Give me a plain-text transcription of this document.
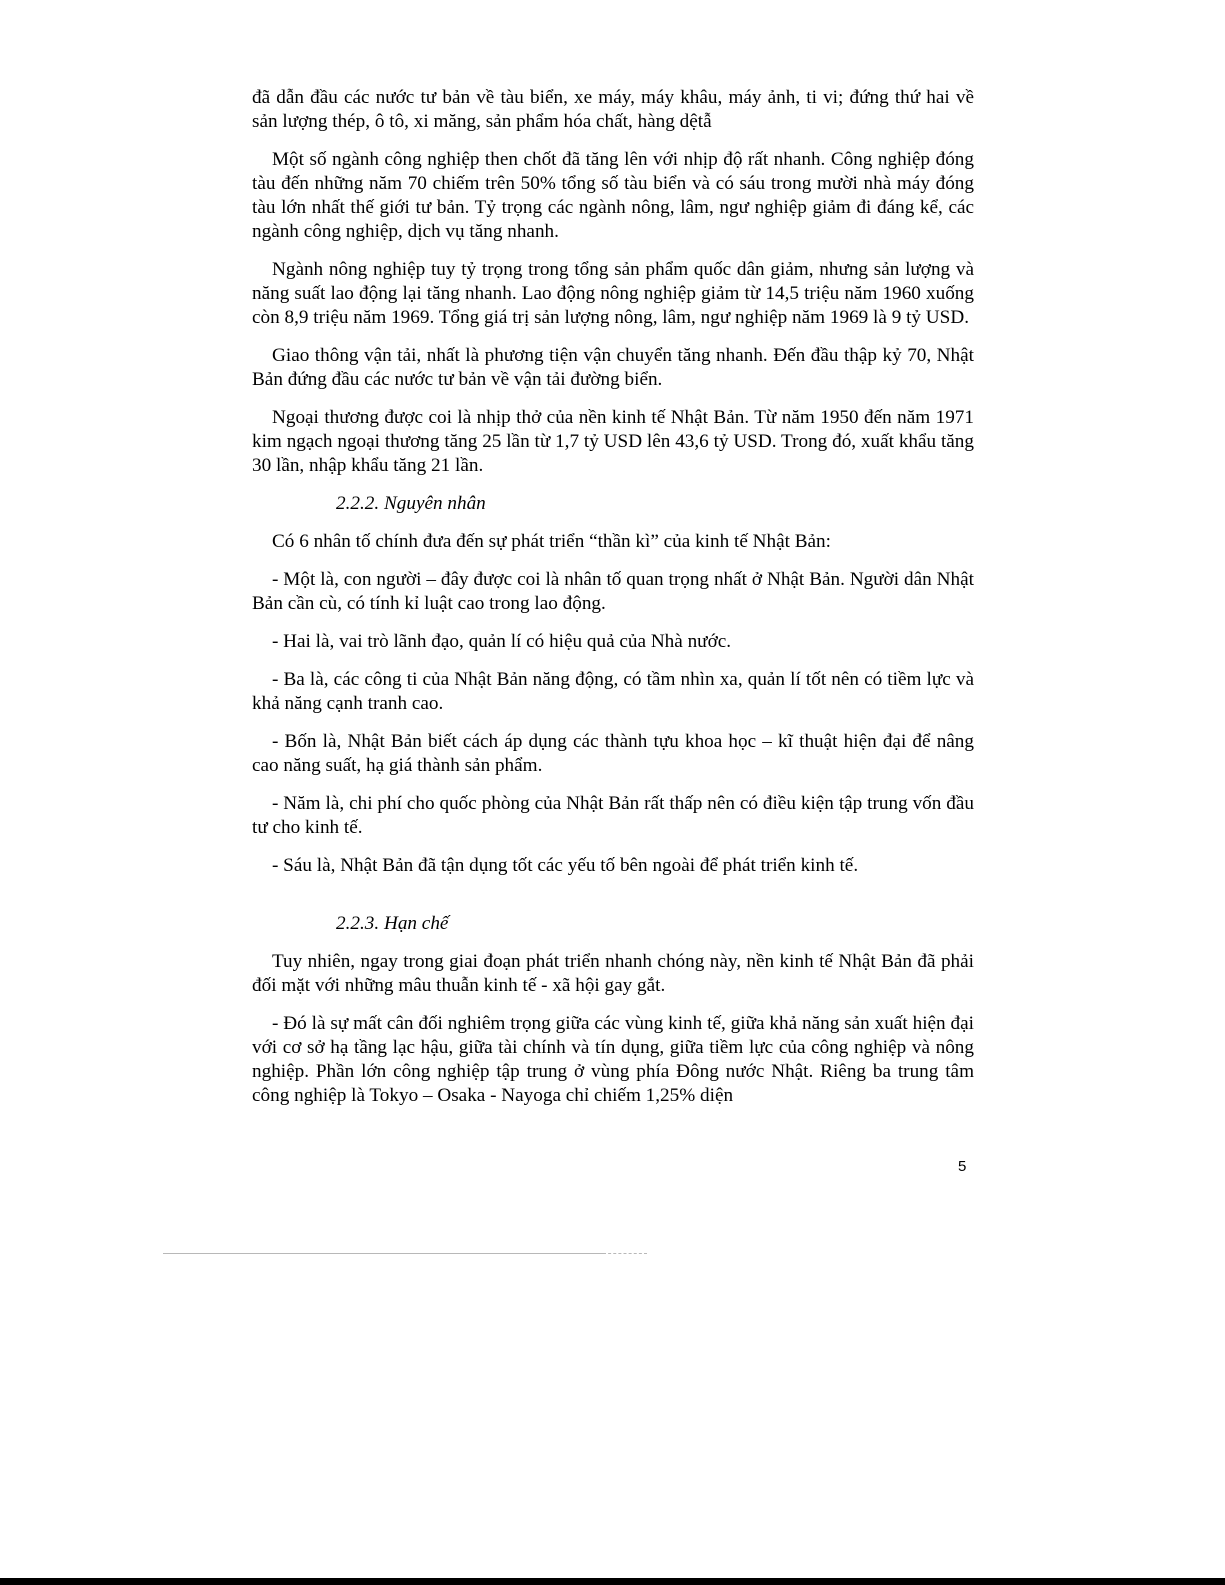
đã dẫn đầu các nước tư bản về tàu biển, xe máy, máy khâu, máy ảnh, ti vi; đứng thứ hai về sản lượng thép, ô tô, xi măng, sản phẩm hóa chất, hàng dệtẫ

Một số ngành công nghiệp then chốt đã tăng lên với nhịp độ rất nhanh. Công nghiệp đóng tàu đến những năm 70 chiếm trên 50% tổng số tàu biển và có sáu trong mười nhà máy đóng tàu lớn nhất thế giới tư bản. Tỷ trọng các ngành nông, lâm, ngư nghiệp giảm đi đáng kể, các ngành công nghiệp, dịch vụ tăng nhanh.

Ngành nông nghiệp tuy tỷ trọng trong tổng sản phẩm quốc dân giảm, nhưng sản lượng và năng suất lao động lại tăng nhanh. Lao động nông nghiệp giảm từ 14,5 triệu năm 1960 xuống còn 8,9 triệu năm 1969. Tổng giá trị sản lượng nông, lâm, ngư nghiệp năm 1969 là 9 tỷ USD.

Giao thông vận tải, nhất là phương tiện vận chuyển tăng nhanh. Đến đầu thập kỷ 70, Nhật Bản đứng đầu các nước tư bản về vận tải đường biển.

Ngoại thương được coi là nhịp thở của nền kinh tế Nhật Bản. Từ năm 1950 đến năm 1971 kim ngạch ngoại thương tăng 25 lần từ 1,7 tỷ USD lên 43,6 tỷ USD. Trong đó, xuất khẩu tăng 30 lần, nhập khẩu tăng 21 lần.

2.2.2. Nguyên nhân

Có 6 nhân tố chính đưa đến sự phát triển “thần kì” của kinh tế Nhật Bản:

- Một là, con người – đây được coi là nhân tố quan trọng nhất ở Nhật Bản. Người dân Nhật Bản cần cù, có tính kỉ luật cao trong lao động.

- Hai là, vai trò lãnh đạo, quản lí có hiệu quả của Nhà nước.

- Ba là, các công ti của Nhật Bản năng động, có tầm nhìn xa, quản lí tốt nên có tiềm lực và khả năng cạnh tranh cao.

- Bốn là, Nhật Bản biết cách áp dụng các thành tựu khoa học – kĩ thuật hiện đại để nâng cao năng suất, hạ giá thành sản phẩm.

- Năm là, chi phí cho quốc phòng của Nhật Bản rất thấp nên có điều kiện tập trung vốn đầu tư cho kinh tế.

- Sáu là, Nhật Bản đã tận dụng tốt các yếu tố bên ngoài để phát triển kinh tế.

2.2.3. Hạn chế

Tuy nhiên, ngay trong giai đoạn phát triển nhanh chóng này, nền kinh tế Nhật Bản đã phải đối mặt với những mâu thuẫn kinh tế - xã hội gay gắt.

- Đó là sự mất cân đối nghiêm trọng giữa các vùng kinh tế, giữa khả năng sản xuất hiện đại với cơ sở hạ tầng lạc hậu, giữa tài chính và tín dụng, giữa tiềm lực của công nghiệp và nông nghiệp. Phần lớn công nghiệp tập trung ở vùng phía Đông nước Nhật. Riêng ba trung tâm công nghiệp là Tokyo – Osaka - Nayoga chỉ chiếm 1,25% diện

5
